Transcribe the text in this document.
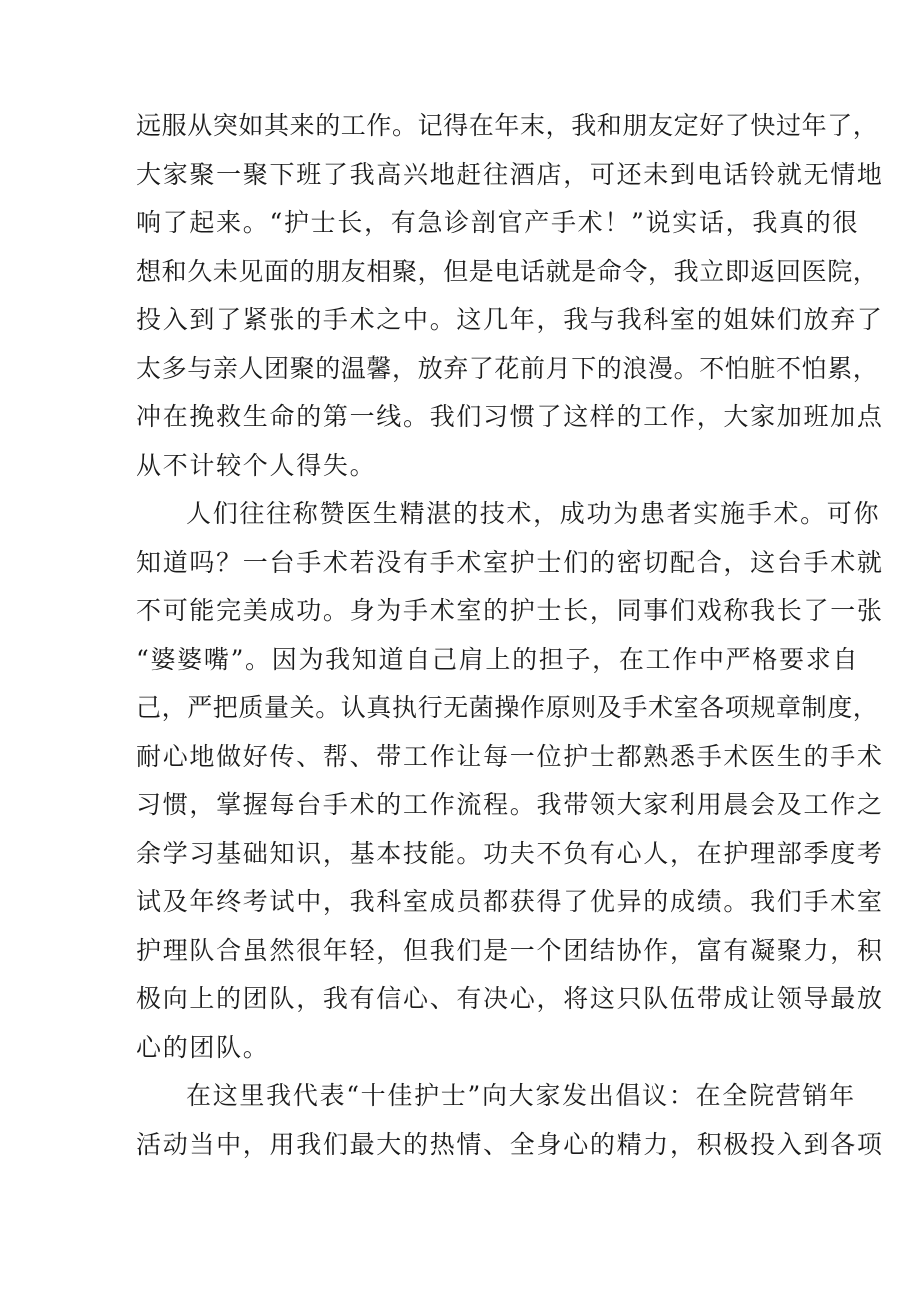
远服从突如其来的工作。记得在年末，我和朋友定好了快过年了，
大家聚一聚下班了我高兴地赶往酒店，可还未到电话铃就无情地
响了起来。“护士长，有急诊剖官产手术！”说实话，我真的很
想和久未见面的朋友相聚，但是电话就是命令，我立即返回医院，
投入到了紧张的手术之中。这几年，我与我科室的姐妹们放弃了
太多与亲人团聚的温馨，放弃了花前月下的浪漫。不怕脏不怕累，
冲在挽救生命的第一线。我们习惯了这样的工作，大家加班加点
从不计较个人得失。
人们往往称赞医生精湛的技术，成功为患者实施手术。可你
知道吗？一台手术若没有手术室护士们的密切配合，这台手术就
不可能完美成功。身为手术室的护士长，同事们戏称我长了一张
“婆婆嘴”。因为我知道自己肩上的担子，在工作中严格要求自
己，严把质量关。认真执行无菌操作原则及手术室各项规章制度，
耐心地做好传、帮、带工作让每一位护士都熟悉手术医生的手术
习惯，掌握每台手术的工作流程。我带领大家利用晨会及工作之
余学习基础知识，基本技能。功夫不负有心人，在护理部季度考
试及年终考试中，我科室成员都获得了优异的成绩。我们手术室
护理队合虽然很年轻，但我们是一个团结协作，富有凝聚力，积
极向上的团队，我有信心、有决心，将这只队伍带成让领导最放
心的团队。
在这里我代表“十佳护士”向大家发出倡议：在全院营销年
活动当中，用我们最大的热情、全身心的精力，积极投入到各项
